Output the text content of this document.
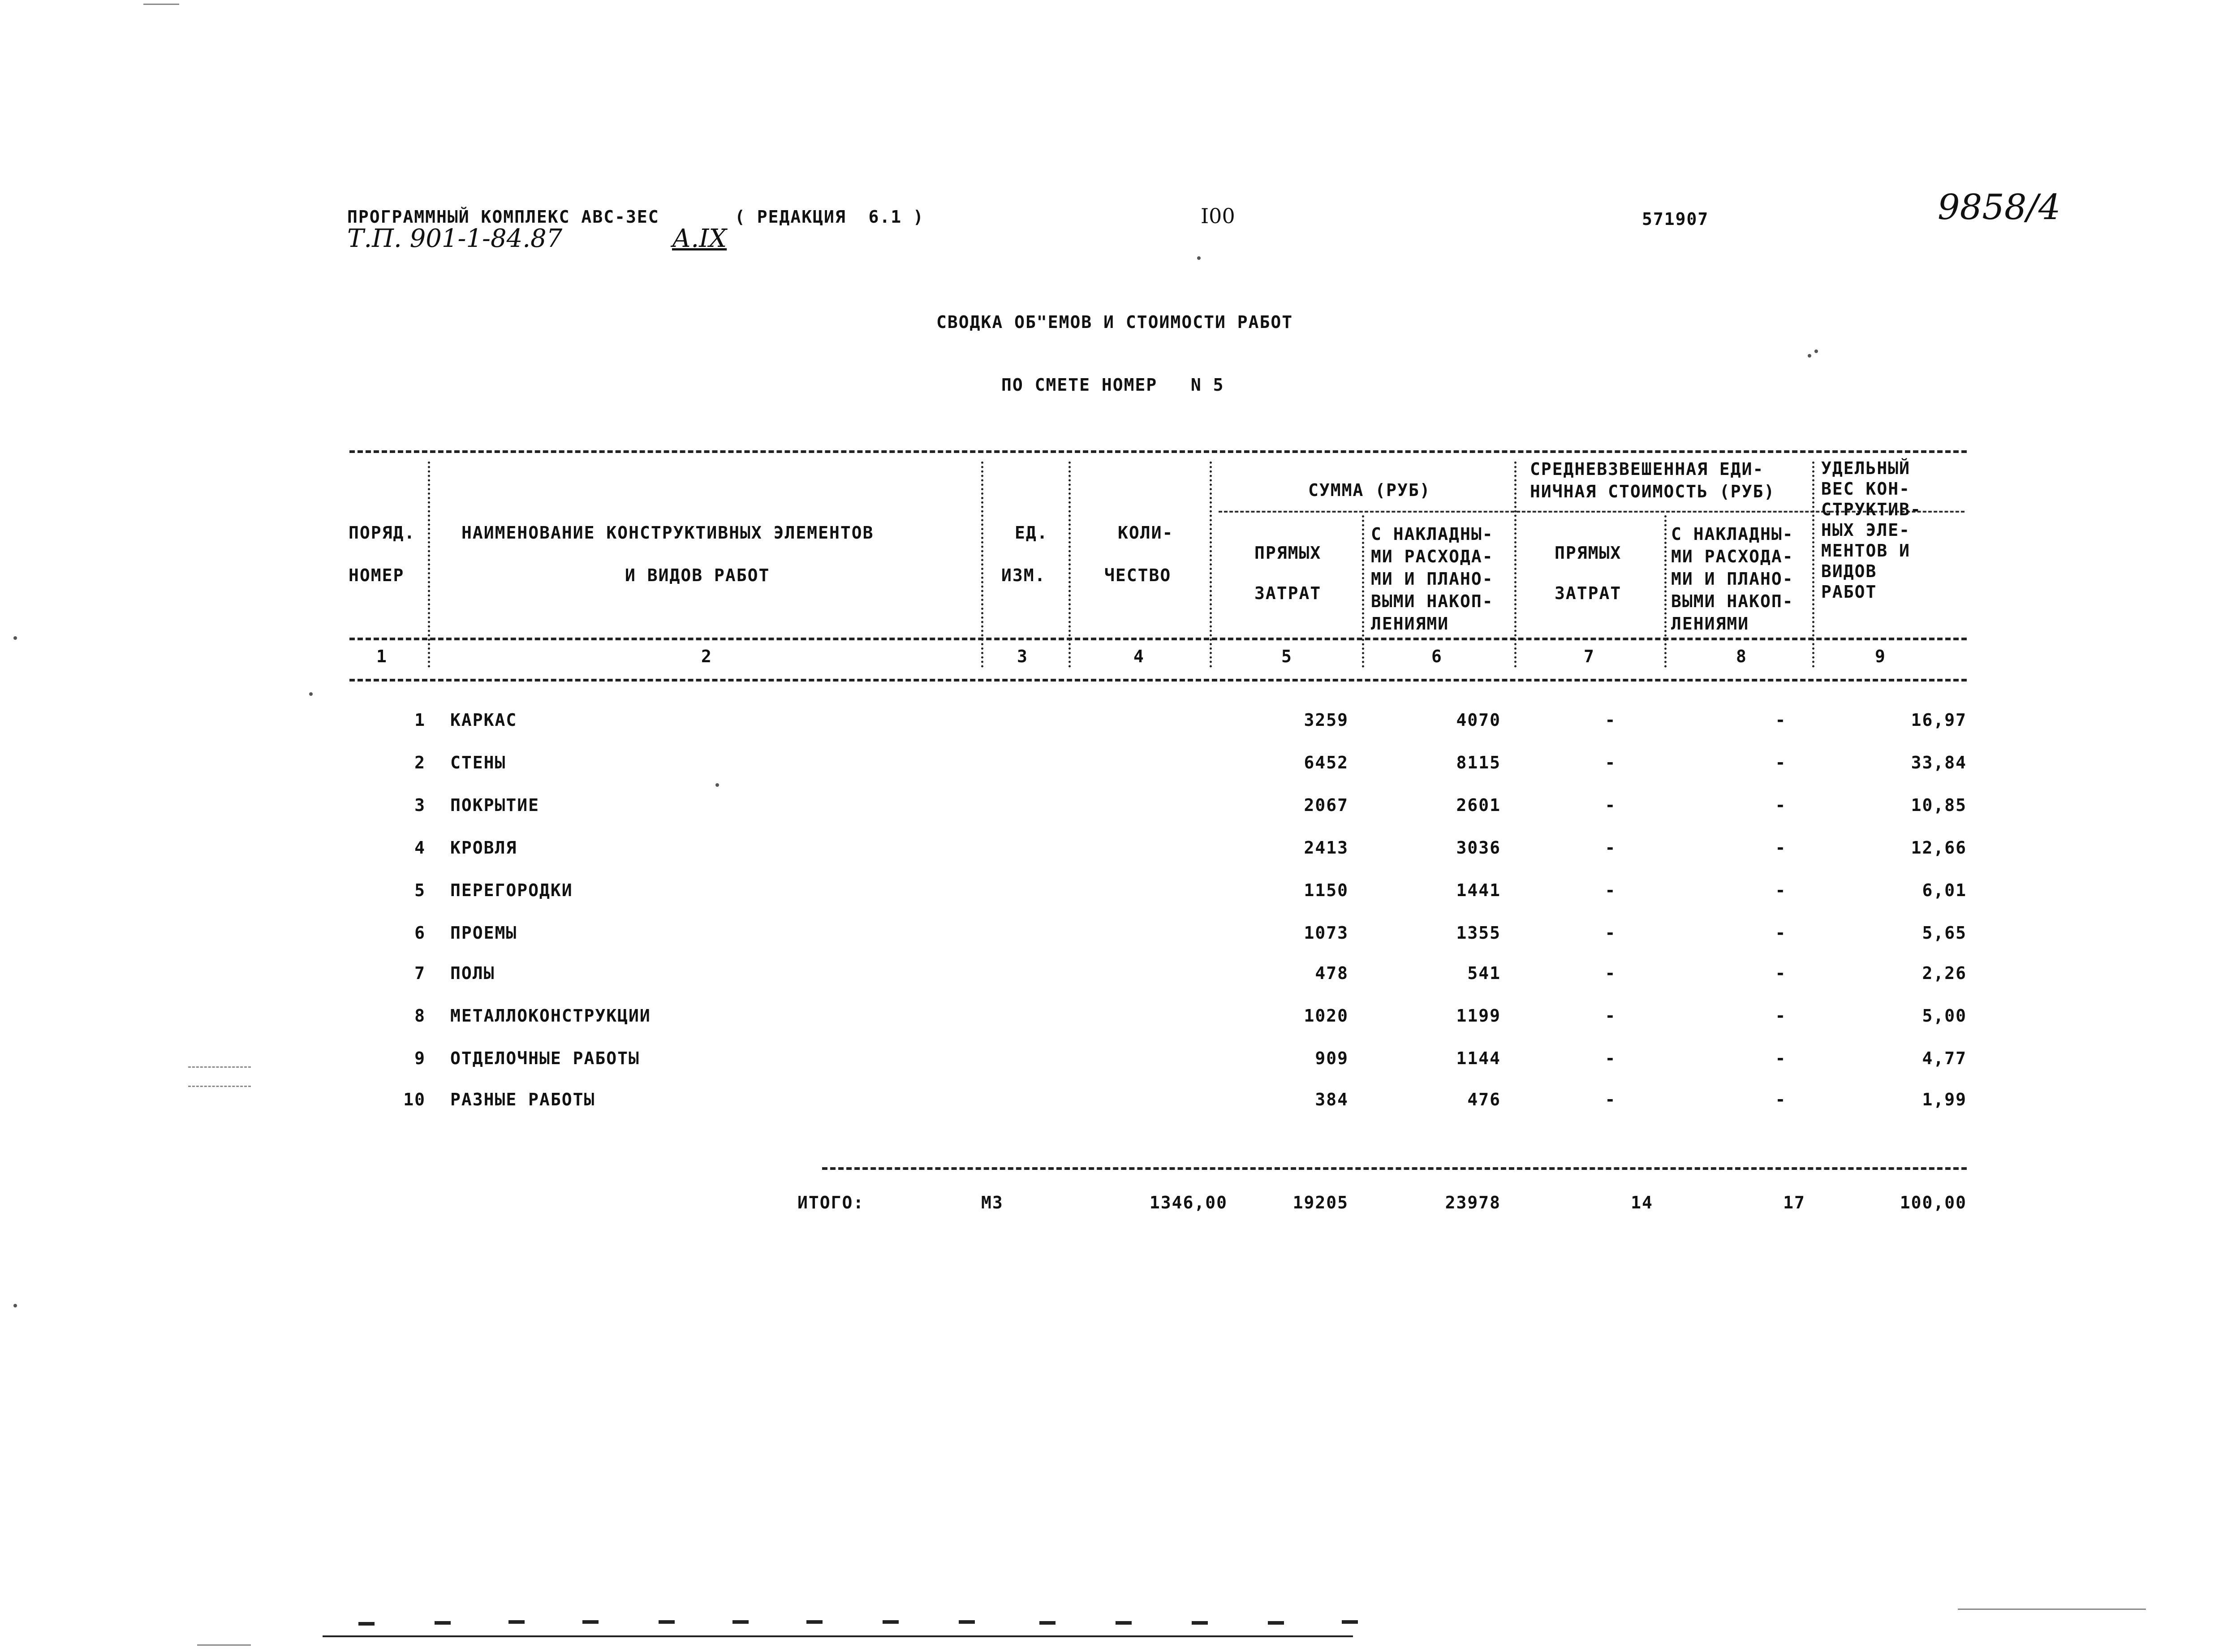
ПРОГРАММНЫЙ КОМПЛЕКС АВС-3ЕС	( РЕДАКЦИЯ  6.1 )	I00	571907
Т.П. 901-1-84.87	А.IX
9858/4
СВОДКА ОБ"ЕМОВ И СТОИМОСТИ РАБОТ
ПО СМЕТЕ НОМЕР   N 5
ПОРЯД.
НОМЕР
НАИМЕНОВАНИЕ КОНСТРУКТИВНЫХ ЭЛЕМЕНТОВ
И ВИДОВ РАБОТ
ЕД.
ИЗМ.
КОЛИ-
ЧЕСТВО
СУММА (РУБ)
ПРЯМЫХ
ЗАТРАТ
С НАКЛАДНЫ-
МИ РАСХОДА-
МИ И ПЛАНО-
ВЫМИ НАКОП-
ЛЕНИЯМИ
СРЕДНЕВЗВЕШЕННАЯ ЕДИ-
НИЧНАЯ СТОИМОСТЬ (РУБ)
ПРЯМЫХ
ЗАТРАТ
С НАКЛАДНЫ-
МИ РАСХОДА-
МИ И ПЛАНО-
ВЫМИ НАКОП-
ЛЕНИЯМИ
УДЕЛЬНЫЙ
ВЕС КОН-
СТРУКТИВ-
НЫХ ЭЛЕ-
МЕНТОВ И
ВИДОВ
РАБОТ
1	2	3	4	5	6	7	8	9
1 КАРКАС	3259	4070	-	-	16,97
2 СТЕНЫ	6452	8115	-	-	33,84
3 ПОКРЫТИЕ	2067	2601	-	-	10,85
4 КРОВЛЯ	2413	3036	-	-	12,66
5 ПЕРЕГОРОДКИ	1150	1441	-	-	6,01
6 ПРОЕМЫ	1073	1355	-	-	5,65
7 ПОЛЫ	478	541	-	-	2,26
8 МЕТАЛЛОКОНСТРУКЦИИ	1020	1199	-	-	5,00
9 ОТДЕЛОЧНЫЕ РАБОТЫ	909	1144	-	-	4,77
10 РАЗНЫЕ РАБОТЫ	384	476	-	-	1,99
ИТОГО:	М3	1346,00	19205	23978	14	17	100,00
